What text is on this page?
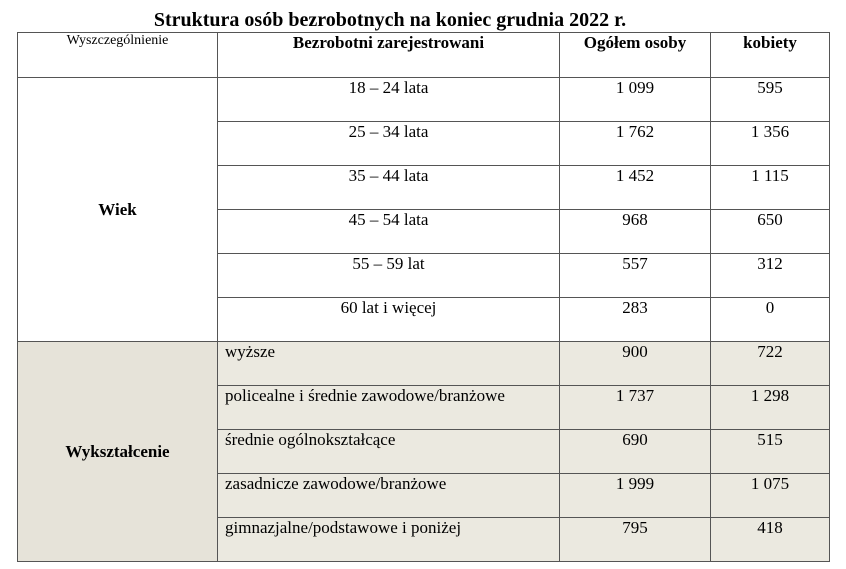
Struktura osób bezrobotnych na koniec grudnia 2022 r.
Wyszczególnienie	Bezrobotni zarejestrowani	Ogółem osoby	kobiety
Wiek	18 – 24 lata	1 099	595
	25 – 34 lata	1 762	1 356
	35 – 44 lata	1 452	1 115
	45 – 54 lata	968	650
	55 – 59 lat	557	312
	60 lat i więcej	283	0
Wykształcenie	wyższe	900	722
	policealne i średnie zawodowe/branżowe	1 737	1 298
	średnie ogólnokształcące	690	515
	zasadnicze zawodowe/branżowe	1 999	1 075
	gimnazjalne/podstawowe i poniżej	795	418
